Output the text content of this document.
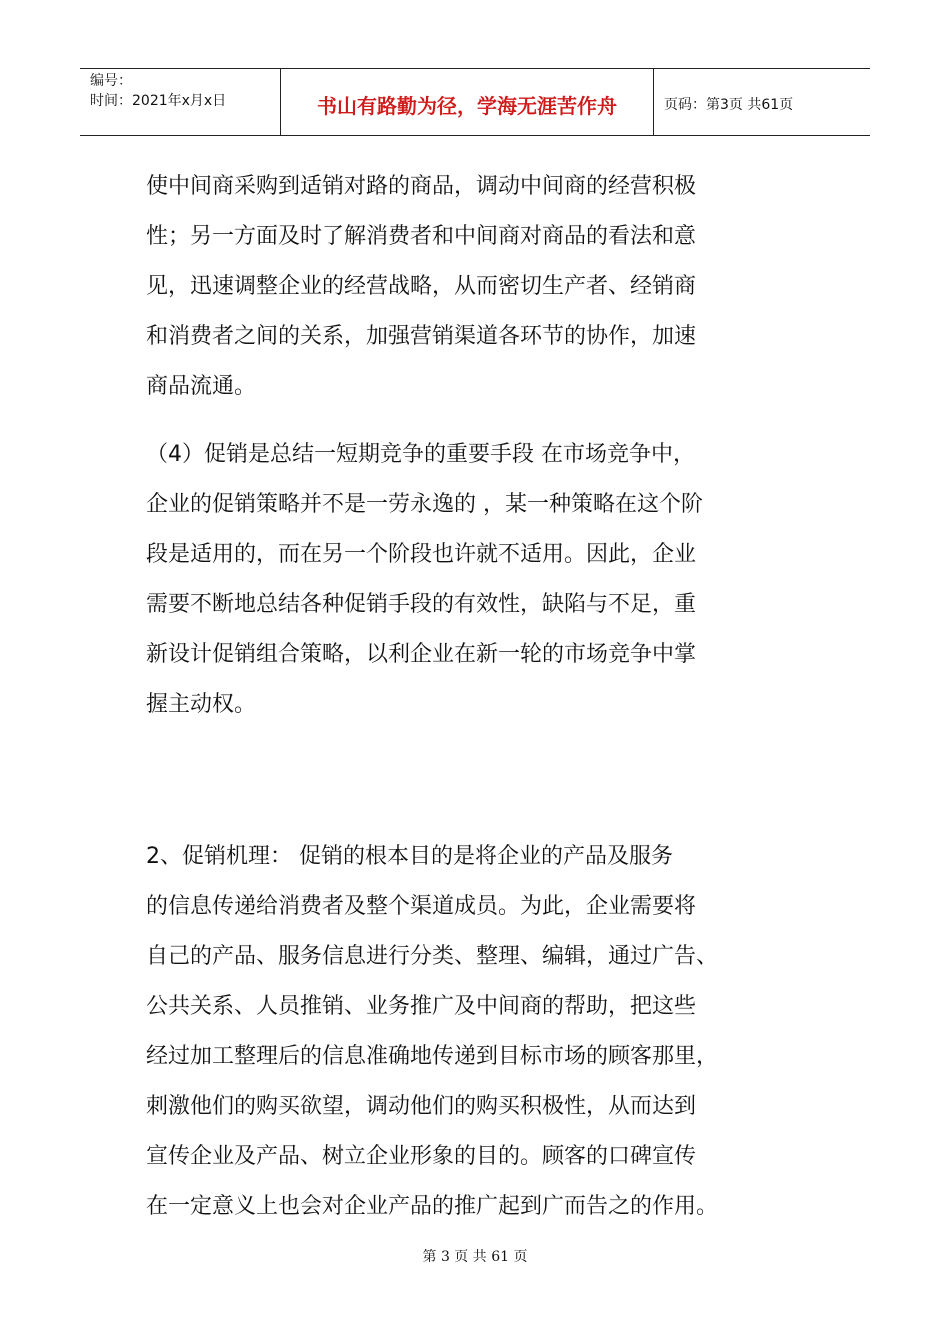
编号：
时间：2021年x月x日	书山有路勤为径，学海无涯苦作舟	页码：第3页 共61页
使中间商采购到适销对路的商品，调动中间商的经营积极
性；另一方面及时了解消费者和中间商对商品的看法和意
见，迅速调整企业的经营战略，从而密切生产者、经销商
和消费者之间的关系，加强营销渠道各环节的协作，加速
商品流通。
（4）促销是总结一短期竞争的重要手段 在市场竞争中，
企业的促销策略并不是一劳永逸的 ，某一种策略在这个阶
段是适用的，而在另一个阶段也许就不适用。因此，企业
需要不断地总结各种促销手段的有效性，缺陷与不足，重
新设计促销组合策略，以利企业在新一轮的市场竞争中掌
握主动权。
2、促销机理： 促销的根本目的是将企业的产品及服务
的信息传递给消费者及整个渠道成员。为此，企业需要将
自己的产品、服务信息进行分类、整理、编辑，通过广告、
公共关系、人员推销、业务推广及中间商的帮助，把这些
经过加工整理后的信息准确地传递到目标市场的顾客那里，
刺激他们的购买欲望，调动他们的购买积极性，从而达到
宣传企业及产品、树立企业形象的目的。顾客的口碑宣传
在一定意义上也会对企业产品的推广起到广而告之的作用。
第 3 页 共 61 页
